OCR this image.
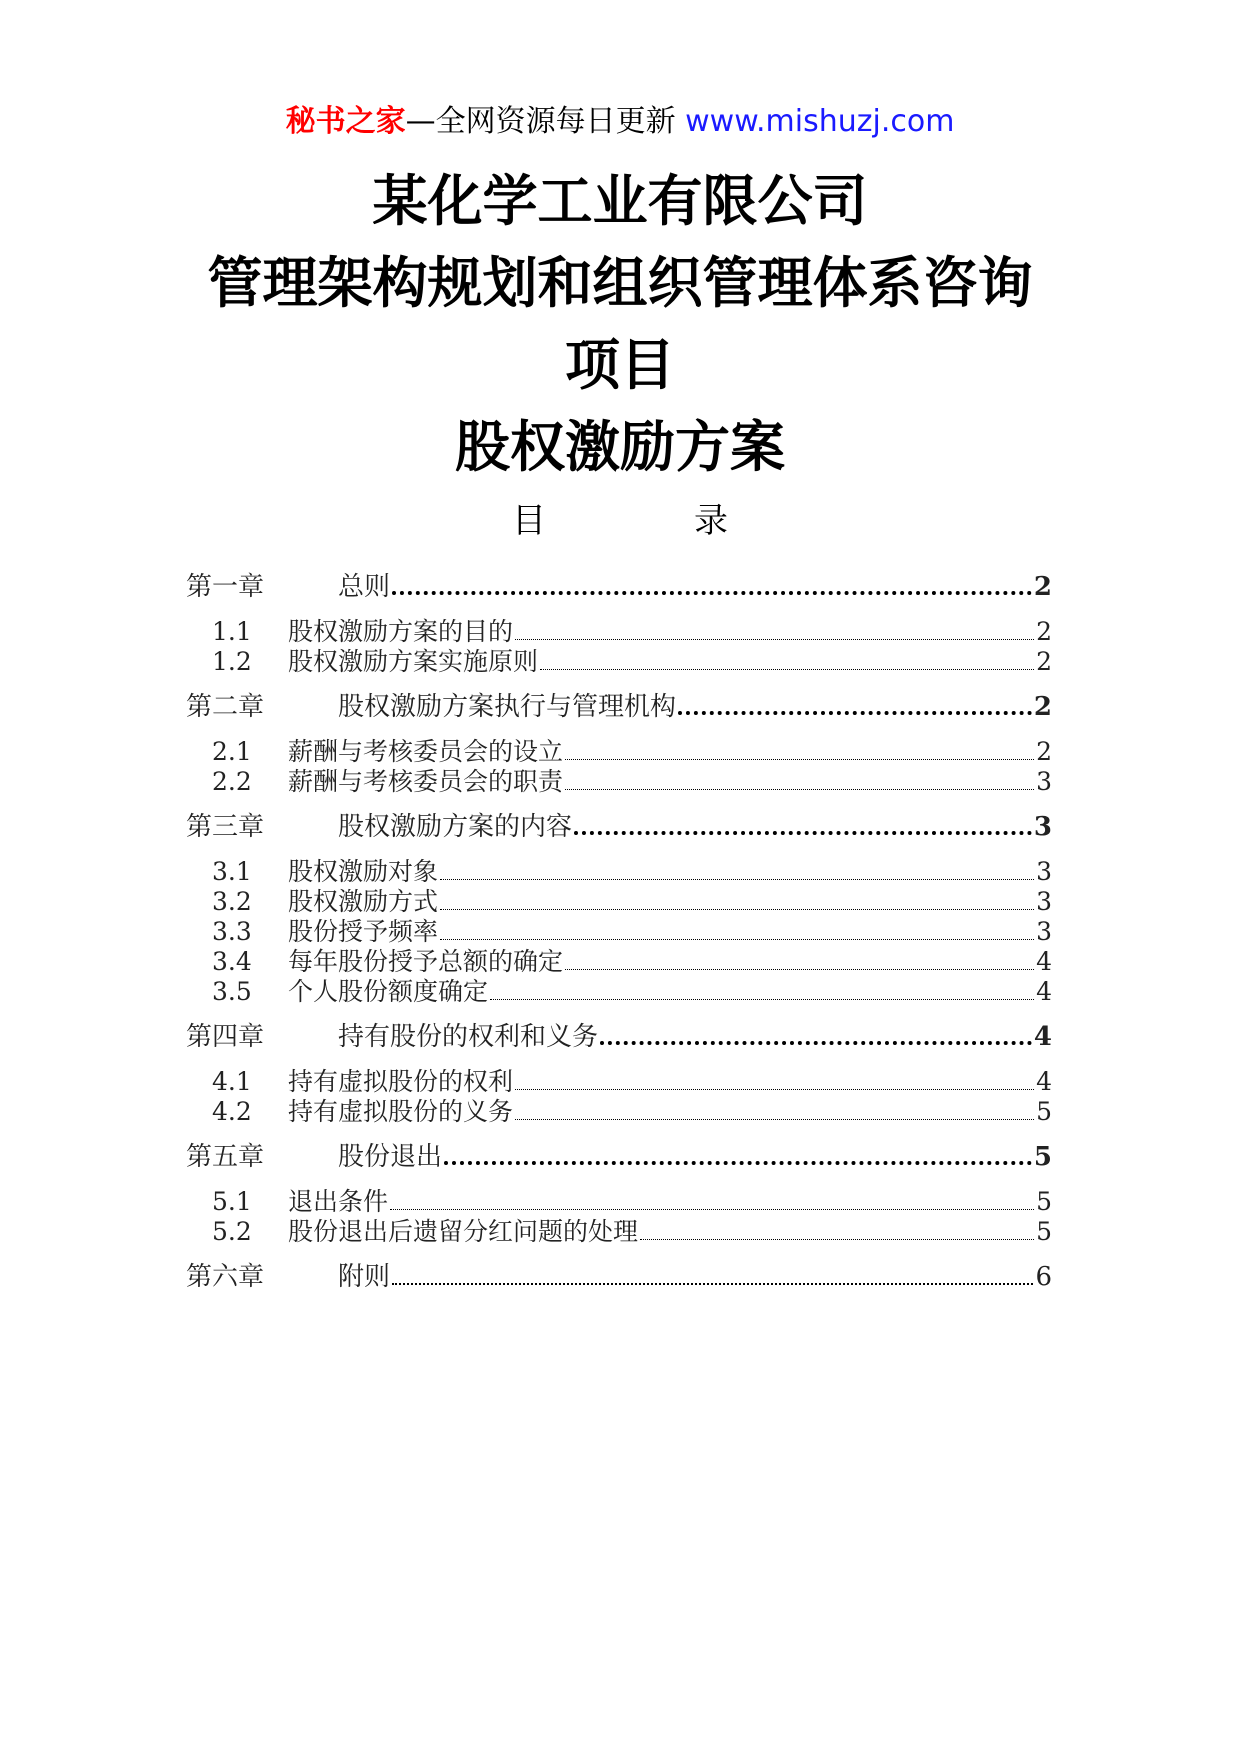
秘书之家—全网资源每日更新 www.mishuzj.com
某化学工业有限公司
管理架构规划和组织管理体系咨询
项目
股权激励方案
目	录
第一章	总则	2
1.1	股权激励方案的目的	2
1.2	股权激励方案实施原则	2
第二章	股权激励方案执行与管理机构	2
2.1	薪酬与考核委员会的设立	2
2.2	薪酬与考核委员会的职责	3
第三章	股权激励方案的内容	3
3.1	股权激励对象	3
3.2	股权激励方式	3
3.3	股份授予频率	3
3.4	每年股份授予总额的确定	4
3.5	个人股份额度确定	4
第四章	持有股份的权利和义务	4
4.1	持有虚拟股份的权利	4
4.2	持有虚拟股份的义务	5
第五章	股份退出	5
5.1	退出条件	5
5.2	股份退出后遗留分红问题的处理	5
第六章	附则	6
